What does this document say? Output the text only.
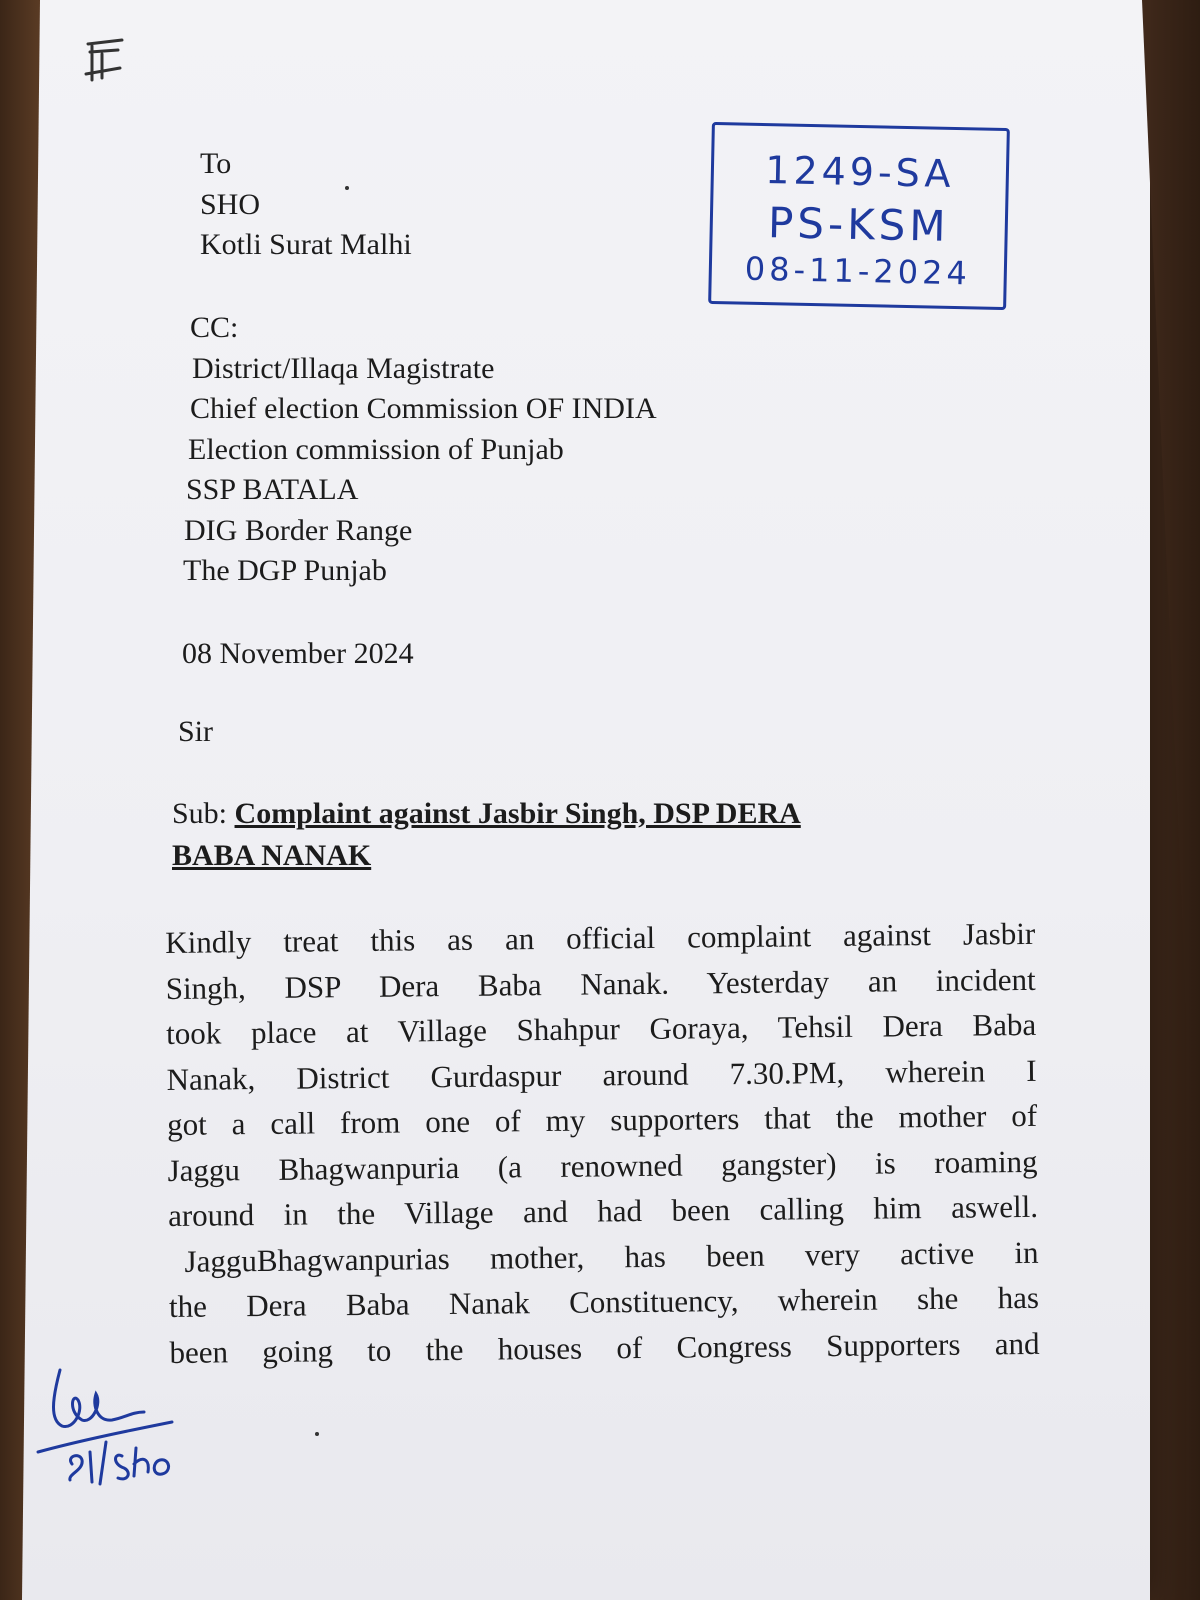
To
SHO
Kotli Surat Malhi
CC:
District/Illaqa Magistrate
Chief election Commission OF INDIA
Election commission of Punjab
SSP BATALA
DIG Border Range
The DGP Punjab
08 November 2024
Sir
Sub: Complaint against Jasbir Singh, DSP DERA
BABA NANAK
Kindly treat this as an official complaint against Jasbir
Singh, DSP Dera Baba Nanak. Yesterday an incident
took place at Village Shahpur Goraya, Tehsil Dera Baba
Nanak, District Gurdaspur around 7.30.PM, wherein I
got a call from one of my supporters that the mother of
Jaggu Bhagwanpuria (a renowned gangster) is roaming
around in the Village and had been calling him aswell.
JagguBhagwanpurias mother, has been very active in
the Dera Baba Nanak Constituency, wherein she has
been going to the houses of Congress Supporters and
1249-SA
PS-KSM
08-11-2024
